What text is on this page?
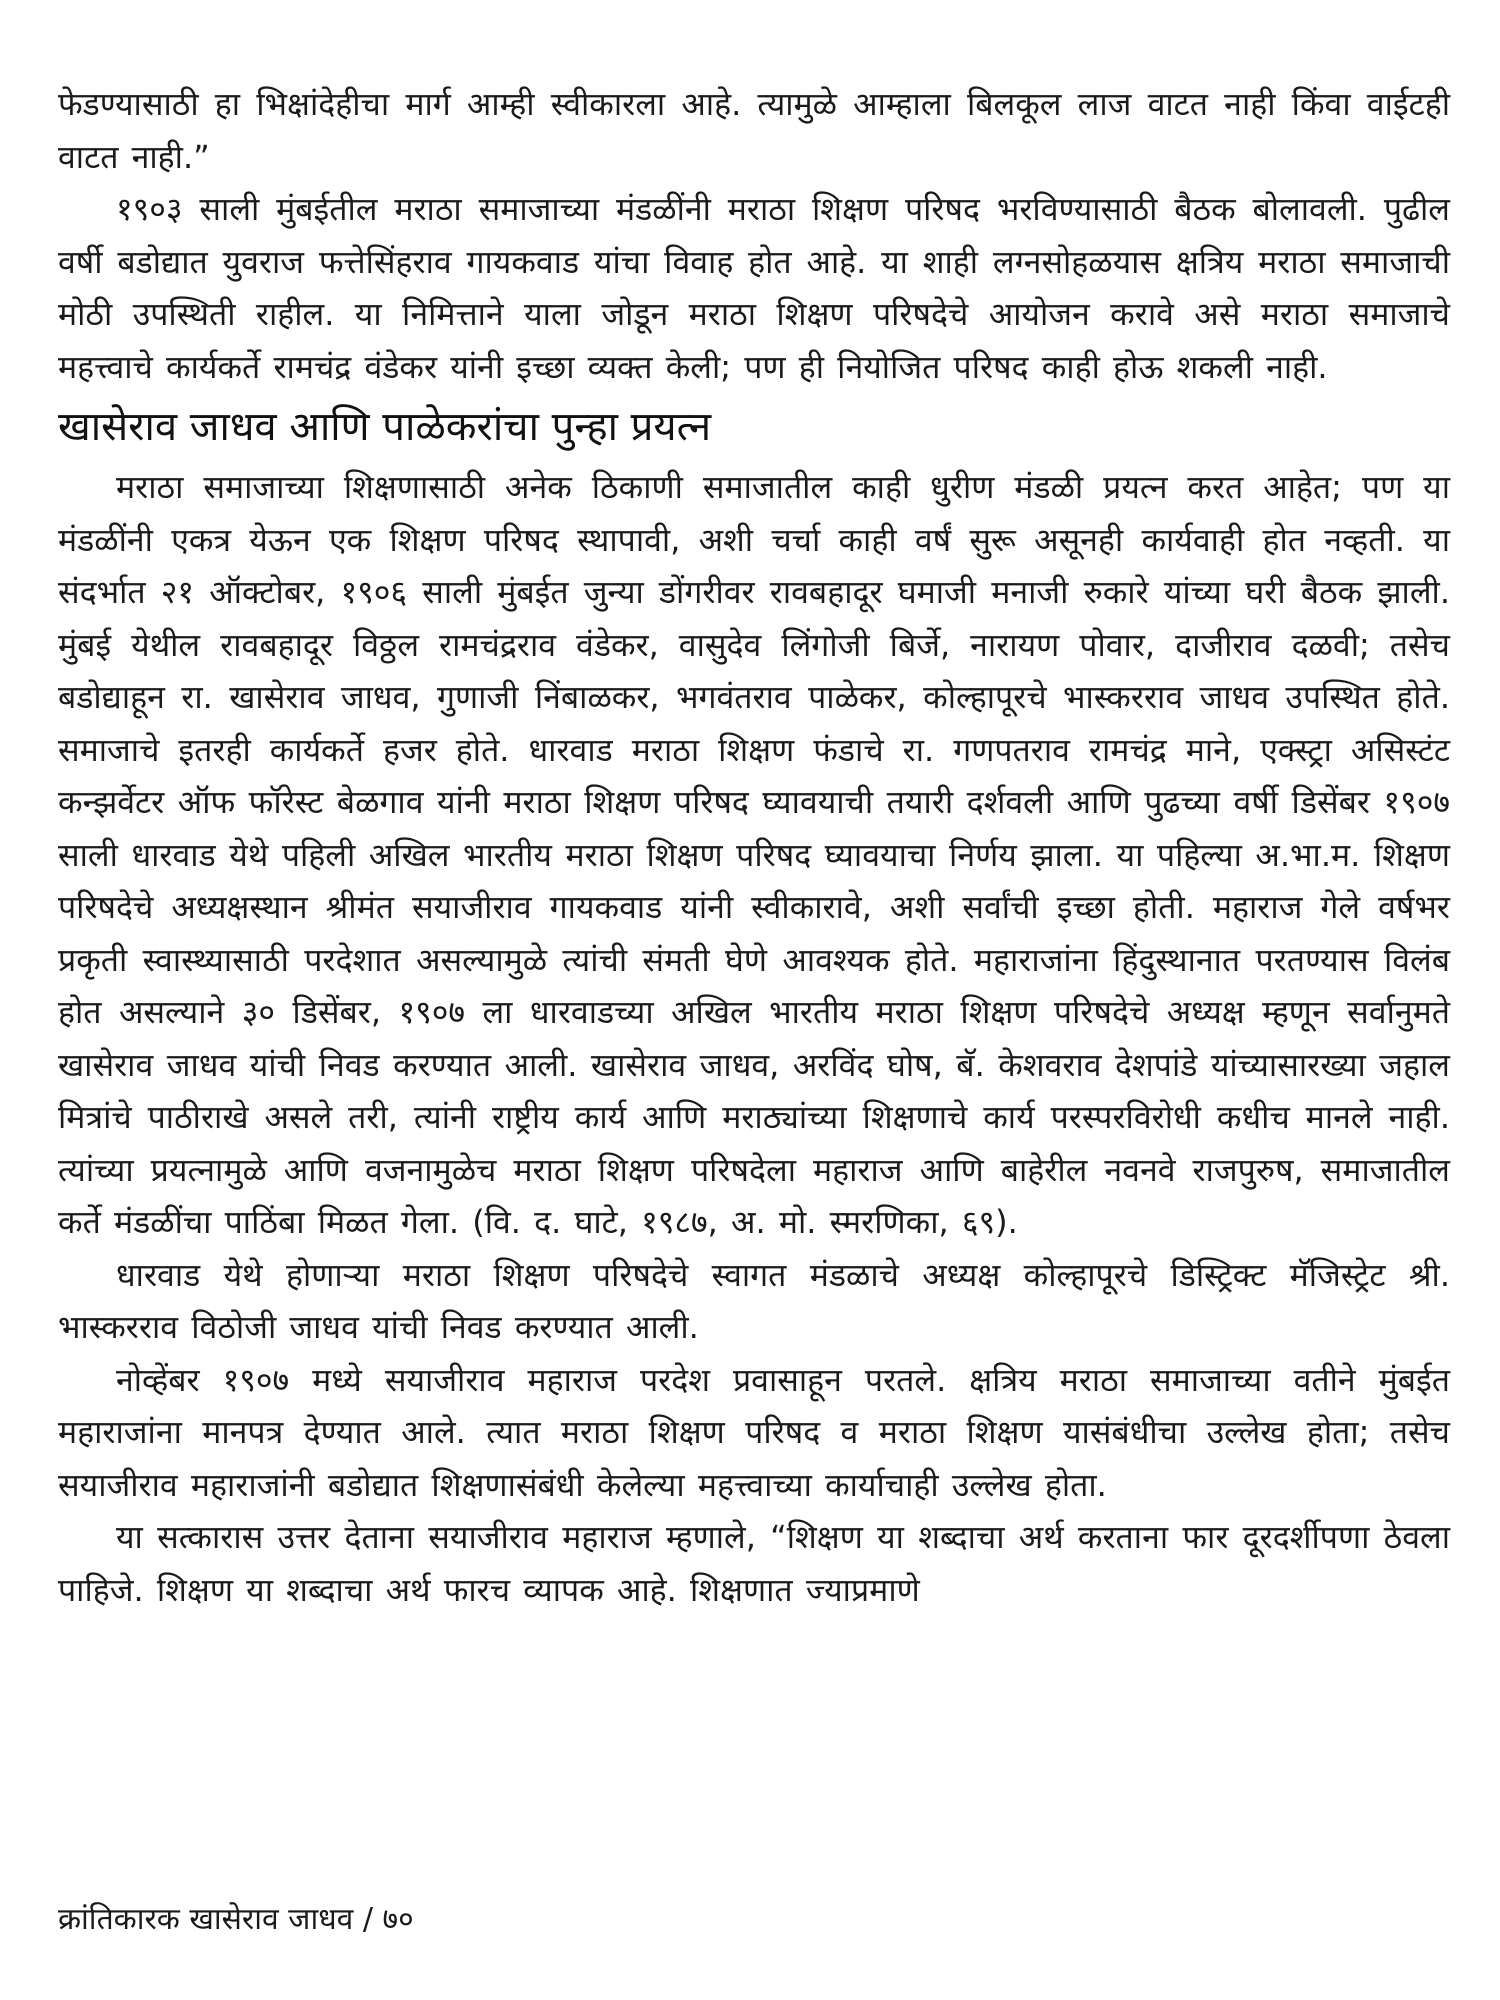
फेडण्यासाठी हा भिक्षांदेहीचा मार्ग आम्ही स्वीकारला आहे. त्यामुळे आम्हाला बिलकूल लाज वाटत नाही किंवा वाईटही वाटत नाही.”

१९०३ साली मुंबईतील मराठा समाजाच्या मंडळींनी मराठा शिक्षण परिषद भरविण्यासाठी बैठक बोलावली. पुढील वर्षी बडोद्यात युवराज फत्तेसिंहराव गायकवाड यांचा विवाह होत आहे. या शाही लग्नसोहळयास क्षत्रिय मराठा समाजाची मोठी उपस्थिती राहील. या निमित्ताने याला जोडून मराठा शिक्षण परिषदेचे आयोजन करावे असे मराठा समाजाचे महत्त्वाचे कार्यकर्ते रामचंद्र वंडेकर यांनी इच्छा व्यक्त केली; पण ही नियोजित परिषद काही होऊ शकली नाही.

खासेराव जाधव आणि पाळेकरांचा पुन्हा प्रयत्न

मराठा समाजाच्या शिक्षणासाठी अनेक ठिकाणी समाजातील काही धुरीण मंडळी प्रयत्न करत आहेत; पण या मंडळींनी एकत्र येऊन एक शिक्षण परिषद स्थापावी, अशी चर्चा काही वर्षं सुरू असूनही कार्यवाही होत नव्हती. या संदर्भात २१ ऑक्टोबर, १९०६ साली मुंबईत जुन्या डोंगरीवर रावबहादूर घमाजी मनाजी रुकारे यांच्या घरी बैठक झाली. मुंबई येथील रावबहादूर विठ्ठल रामचंद्रराव वंडेकर, वासुदेव लिंगोजी बिर्जे, नारायण पोवार, दाजीराव दळवी; तसेच बडोद्याहून रा. खासेराव जाधव, गुणाजी निंबाळकर, भगवंतराव पाळेकर, कोल्हापूरचे भास्करराव जाधव उपस्थित होते. समाजाचे इतरही कार्यकर्ते हजर होते. धारवाड मराठा शिक्षण फंडाचे रा. गणपतराव रामचंद्र माने, एक्स्ट्रा असिस्टंट कन्झर्वेटर ऑफ फॉरेस्ट बेळगाव यांनी मराठा शिक्षण परिषद घ्यावयाची तयारी दर्शवली आणि पुढच्या वर्षी डिसेंबर १९०७ साली धारवाड येथे पहिली अखिल भारतीय मराठा शिक्षण परिषद घ्यावयाचा निर्णय झाला. या पहिल्या अ.भा.म. शिक्षण परिषदेचे अध्यक्षस्थान श्रीमंत सयाजीराव गायकवाड यांनी स्वीकारावे, अशी सर्वांची इच्छा होती. महाराज गेले वर्षभर प्रकृती स्वास्थ्यासाठी परदेशात असल्यामुळे त्यांची संमती घेणे आवश्यक होते. महाराजांना हिंदुस्थानात परतण्यास विलंब होत असल्याने ३० डिसेंबर, १९०७ ला धारवाडच्या अखिल भारतीय मराठा शिक्षण परिषदेचे अध्यक्ष म्हणून सर्वानुमते खासेराव जाधव यांची निवड करण्यात आली. खासेराव जाधव, अरविंद घोष, बॅ. केशवराव देशपांडे यांच्यासारख्या जहाल मित्रांचे पाठीराखे असले तरी, त्यांनी राष्ट्रीय कार्य आणि मराठ्यांच्या शिक्षणाचे कार्य परस्परविरोधी कधीच मानले नाही. त्यांच्या प्रयत्नामुळे आणि वजनामुळेच मराठा शिक्षण परिषदेला महाराज आणि बाहेरील नवनवे राजपुरुष, समाजातील कर्ते मंडळींचा पाठिंबा मिळत गेला. (वि. द. घाटे, १९८७, अ. मो. स्मरणिका, ६९).

धारवाड येथे होणाऱ्या मराठा शिक्षण परिषदेचे स्वागत मंडळाचे अध्यक्ष कोल्हापूरचे डिस्ट्रिक्ट मॅजिस्ट्रेट श्री. भास्करराव विठोजी जाधव यांची निवड करण्यात आली.

नोव्हेंबर १९०७ मध्ये सयाजीराव महाराज परदेश प्रवासाहून परतले. क्षत्रिय मराठा समाजाच्या वतीने मुंबईत महाराजांना मानपत्र देण्यात आले. त्यात मराठा शिक्षण परिषद व मराठा शिक्षण यासंबंधीचा उल्लेख होता; तसेच सयाजीराव महाराजांनी बडोद्यात शिक्षणासंबंधी केलेल्या महत्त्वाच्या कार्याचाही उल्लेख होता.

या सत्कारास उत्तर देताना सयाजीराव महाराज म्हणाले, “शिक्षण या शब्दाचा अर्थ करताना फार दूरदर्शीपणा ठेवला पाहिजे. शिक्षण या शब्दाचा अर्थ फारच व्यापक आहे. शिक्षणात ज्याप्रमाणे

क्रांतिकारक खासेराव जाधव / ७०
